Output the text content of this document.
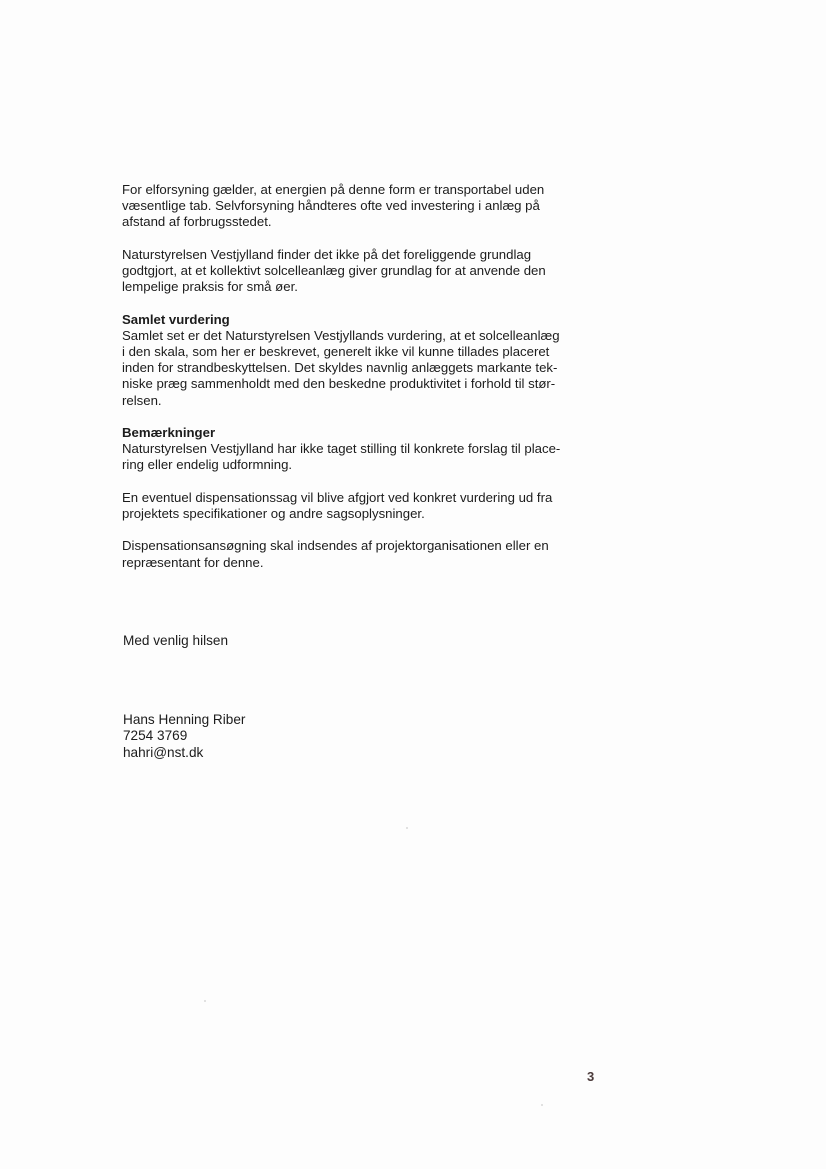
For elforsyning gælder, at energien på denne form er transportabel uden
væsentlige tab. Selvforsyning håndteres ofte ved investering i anlæg på
afstand af forbrugsstedet.

Naturstyrelsen Vestjylland finder det ikke på det foreliggende grundlag
godtgjort, at et kollektivt solcelleanlæg giver grundlag for at anvende den
lempelige praksis for små øer.

Samlet vurdering
Samlet set er det Naturstyrelsen Vestjyllands vurdering, at et solcelleanlæg
i den skala, som her er beskrevet, generelt ikke vil kunne tillades placeret
inden for strandbeskyttelsen. Det skyldes navnlig anlæggets markante tek-
niske præg sammenholdt med den beskedne produktivitet i forhold til stør-
relsen.

Bemærkninger
Naturstyrelsen Vestjylland har ikke taget stilling til konkrete forslag til place-
ring eller endelig udformning.

En eventuel dispensationssag vil blive afgjort ved konkret vurdering ud fra
projektets specifikationer og andre sagsoplysninger.

Dispensationsansøgning skal indsendes af projektorganisationen eller en
repræsentant for denne.

Med venlig hilsen
Hans Henning Riber
7254 3769
hahri@nst.dk
3
